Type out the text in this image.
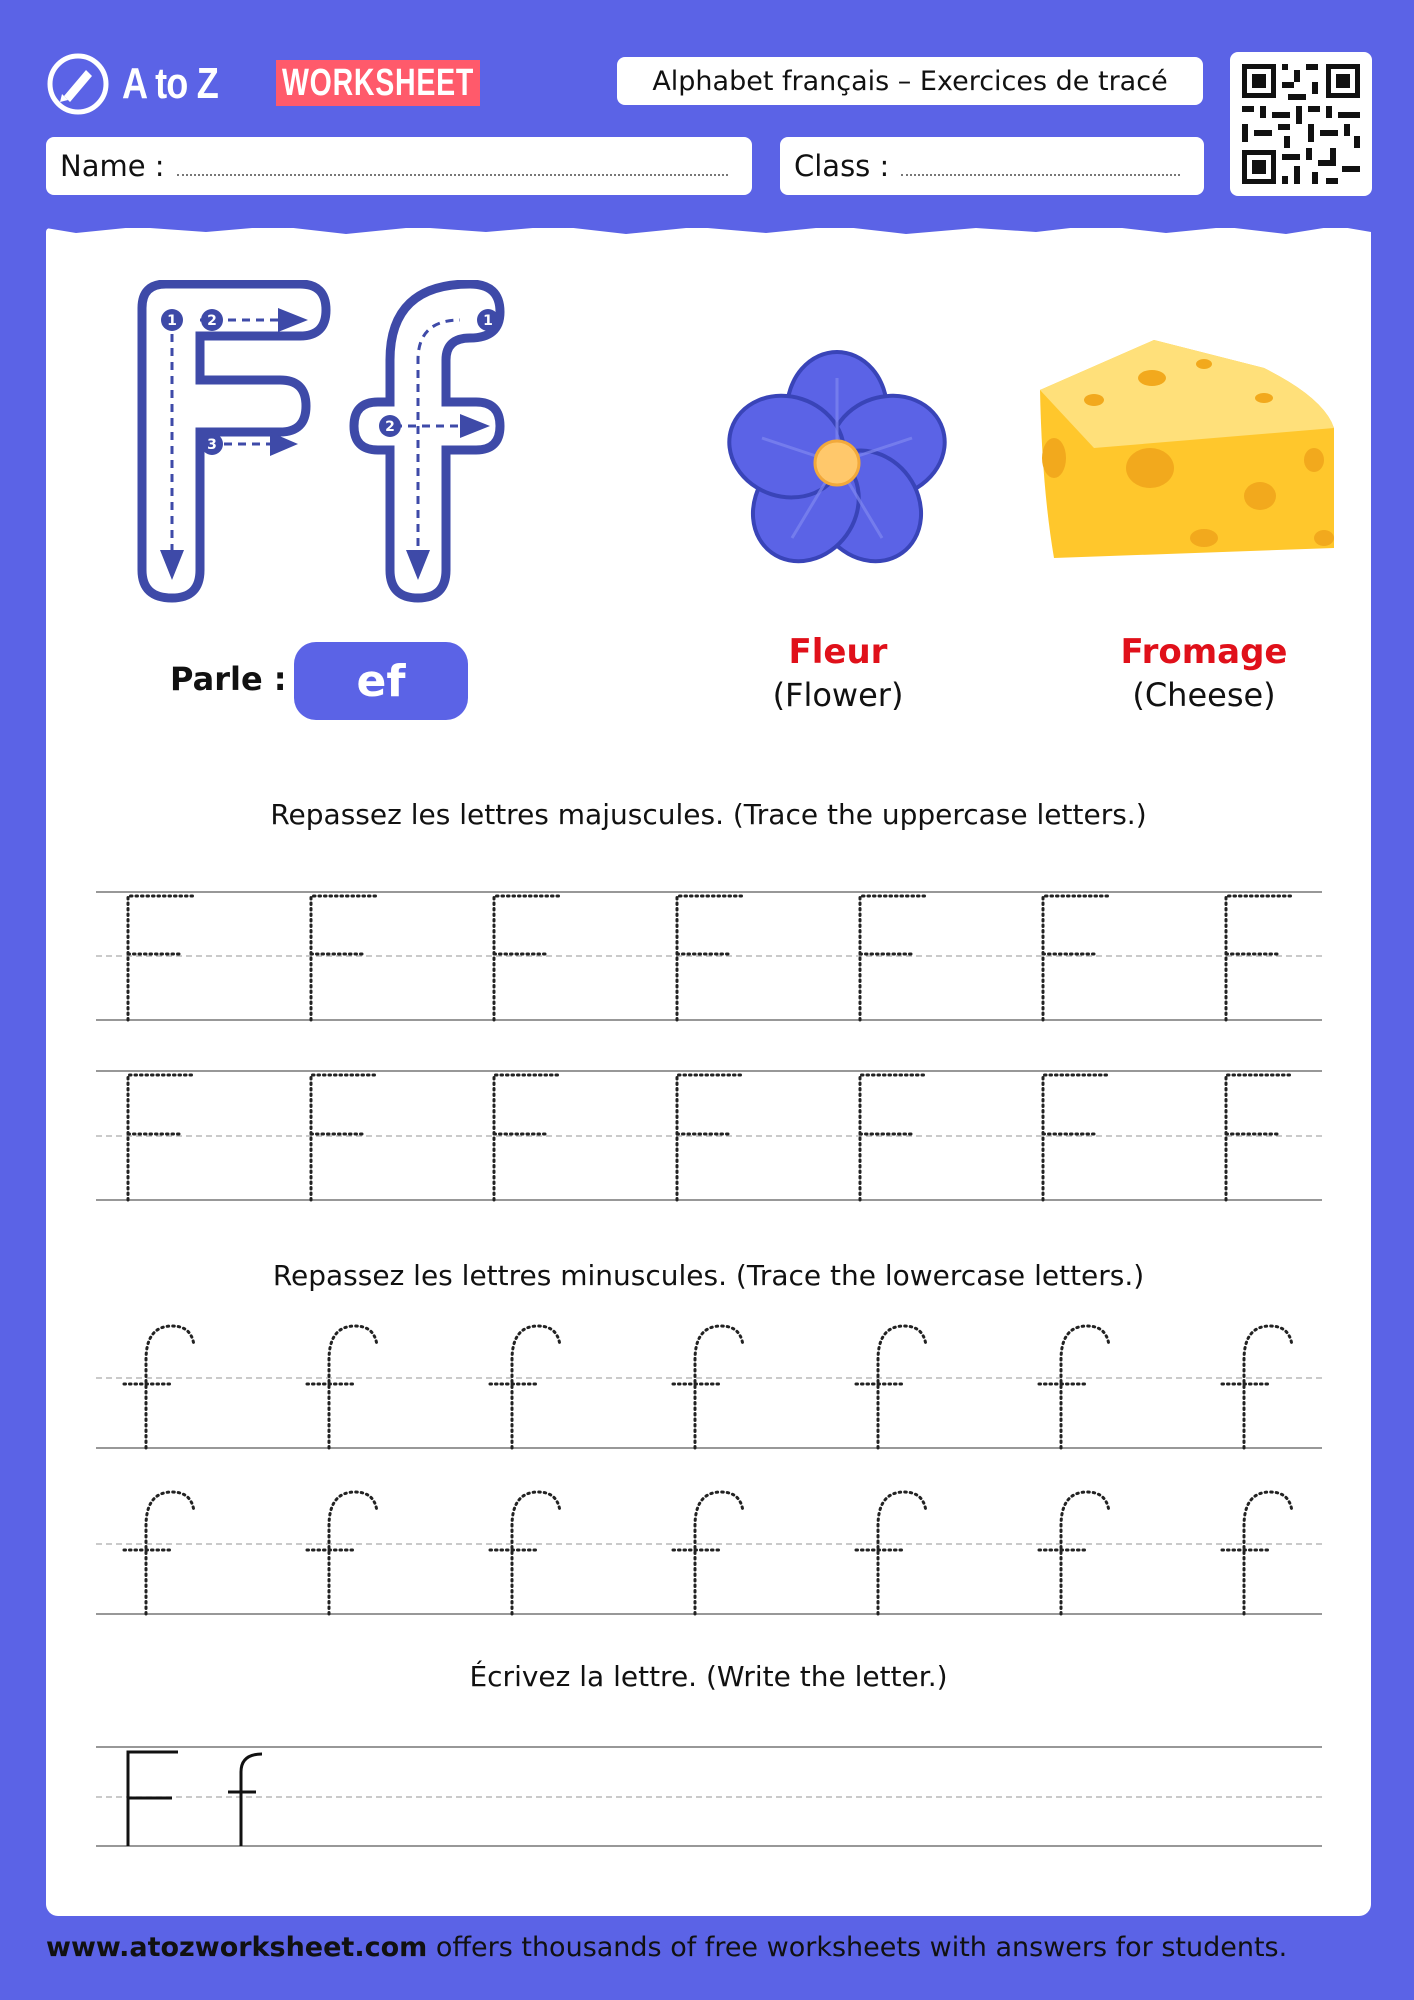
A to Z WORKSHEET	Alphabet français – Exercices de tracé
Name :	Class :
1 2
3
1
2
Parle :	ef
Fleur
(Flower)
Fromage
(Cheese)
Repassez les lettres majuscules. (Trace the uppercase letters.)
Repassez les lettres minuscules. (Trace the lowercase letters.)
Écrivez la lettre. (Write the letter.)
www.atozworksheet.com offers thousands of free worksheets with answers for students.
